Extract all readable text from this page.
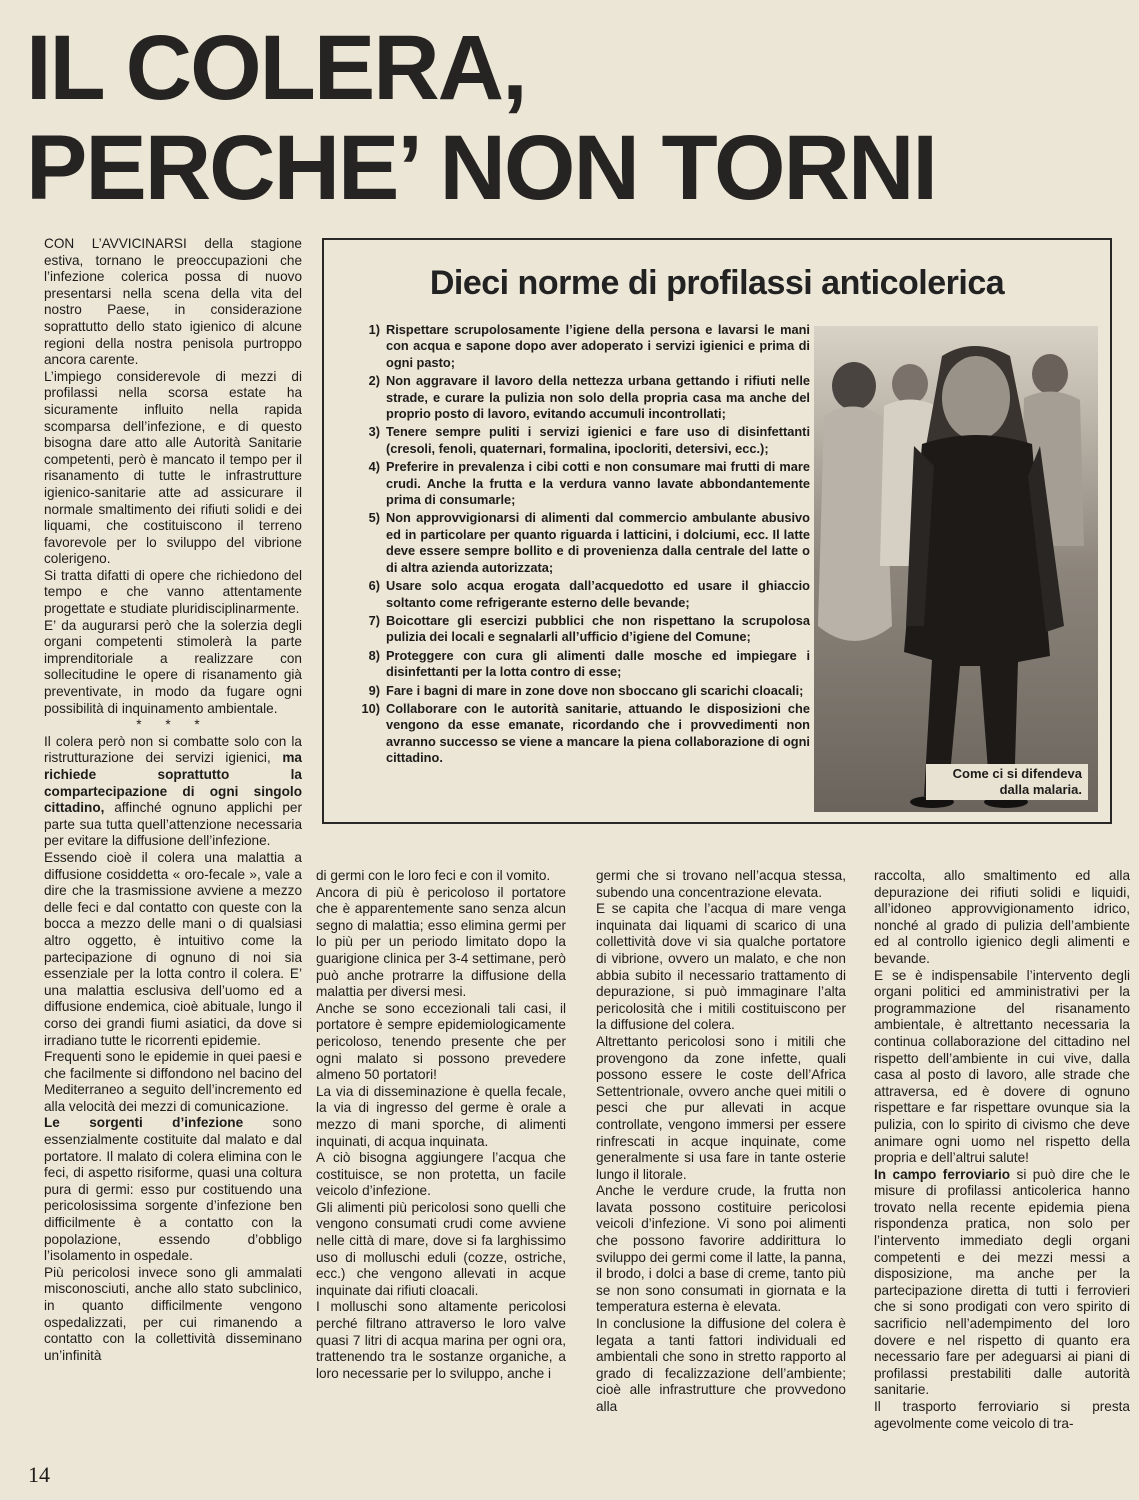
IL COLERA,
PERCHE’ NON TORNI

CON L’AVVICINARSI della stagione estiva, tornano le preoccupazioni che l’infezione colerica possa di nuovo presentarsi nella scena della vita del nostro Paese, in considerazione soprattutto dello stato igienico di alcune regioni della nostra penisola purtroppo ancora carente.

L’impiego considerevole di mezzi di profilassi nella scorsa estate ha sicuramente influito nella rapida scomparsa dell’infezione, e di questo bisogna dare atto alle Autorità Sanitarie competenti, però è mancato il tempo per il risanamento di tutte le infrastrutture igienico-sanitarie atte ad assicurare il normale smaltimento dei rifiuti solidi e dei liquami, che costituiscono il terreno favorevole per lo sviluppo del vibrione colerigeno.

Si tratta difatti di opere che richiedono del tempo e che vanno attentamente progettate e studiate pluridisciplinarmente.

E’ da augurarsi però che la solerzia degli organi competenti stimolerà la parte imprenditoriale a realizzare con sollecitudine le opere di risanamento già preventivate, in modo da fugare ogni possibilità di inquinamento ambientale.

* * *

Il colera però non si combatte solo con la ristrutturazione dei servizi igienici, ma richiede soprattutto la compartecipazione di ogni singolo cittadino, affinché ognuno applichi per parte sua tutta quell’attenzione necessaria per evitare la diffusione dell’infezione.

Essendo cioè il colera una malattia a diffusione cosiddetta « oro-fecale », vale a dire che la trasmissione avviene a mezzo delle feci e dal contatto con queste con la bocca a mezzo delle mani o di qualsiasi altro oggetto, è intuitivo come la partecipazione di ognuno di noi sia essenziale per la lotta contro il colera. E’ una malattia esclusiva dell’uomo ed a diffusione endemica, cioè abituale, lungo il corso dei grandi fiumi asiatici, da dove si irradiano tutte le ricorrenti epidemie.

Frequenti sono le epidemie in quei paesi e che facilmente si diffondono nel bacino del Mediterraneo a seguito dell’incremento ed alla velocità dei mezzi di comunicazione.

Le sorgenti d’infezione sono essenzialmente costituite dal malato e dal portatore. Il malato di colera elimina con le feci, di aspetto risiforme, quasi una coltura pura di germi: esso pur costituendo una pericolosissima sorgente d’infezione ben difficilmente è a contatto con la popolazione, essendo d’obbligo l’isolamento in ospedale.

Più pericolosi invece sono gli ammalati misconosciuti, anche allo stato subclinico, in quanto difficilmente vengono ospedalizzati, per cui rimanendo a contatto con la collettività disseminano un’infinità

Dieci norme di profilassi anticolerica
1) Rispettare scrupolosamente l’igiene della persona e lavarsi le mani con acqua e sapone dopo aver adoperato i servizi igienici e prima di ogni pasto;
2) Non aggravare il lavoro della nettezza urbana gettando i rifiuti nelle strade, e curare la pulizia non solo della propria casa ma anche del proprio posto di lavoro, evitando accumuli incontrollati;
3) Tenere sempre puliti i servizi igienici e fare uso di disinfettanti (cresoli, fenoli, quaternari, formalina, ipocloriti, detersivi, ecc.);
4) Preferire in prevalenza i cibi cotti e non consumare mai frutti di mare crudi. Anche la frutta e la verdura vanno lavate abbondantemente prima di consumarle;
5) Non approvvigionarsi di alimenti dal commercio ambulante abusivo ed in particolare per quanto riguarda i latticini, i dolciumi, ecc. Il latte deve essere sempre bollito e di provenienza dalla centrale del latte o di altra azienda autorizzata;
6) Usare solo acqua erogata dall’acquedotto ed usare il ghiaccio soltanto come refrigerante esterno delle bevande;
7) Boicottare gli esercizi pubblici che non rispettano la scrupolosa pulizia dei locali e segnalarli all’ufficio d’igiene del Comune;
8) Proteggere con cura gli alimenti dalle mosche ed impiegare i disinfettanti per la lotta contro di esse;
9) Fare i bagni di mare in zone dove non sboccano gli scarichi cloacali;
10) Collaborare con le autorità sanitarie, attuando le disposizioni che vengono da esse emanate, ricordando che i provvedimenti non avranno successo se viene a mancare la piena collaborazione di ogni cittadino.
Come ci si difendeva dalla malaria.

di germi con le loro feci e con il vomito.

Ancora di più è pericoloso il portatore che è apparentemente sano senza alcun segno di malattia; esso elimina germi per lo più per un periodo limitato dopo la guarigione clinica per 3-4 settimane, però può anche protrarre la diffusione della malattia per diversi mesi.

Anche se sono eccezionali tali casi, il portatore è sempre epidemiologicamente pericoloso, tenendo presente che per ogni malato si possono prevedere almeno 50 portatori!

La via di disseminazione è quella fecale, la via di ingresso del germe è orale a mezzo di mani sporche, di alimenti inquinati, di acqua inquinata.

A ciò bisogna aggiungere l’acqua che costituisce, se non protetta, un facile veicolo d’infezione.

Gli alimenti più pericolosi sono quelli che vengono consumati crudi come avviene nelle città di mare, dove si fa larghissimo uso di molluschi eduli (cozze, ostriche, ecc.) che vengono allevati in acque inquinate dai rifiuti cloacali.

I molluschi sono altamente pericolosi perché filtrano attraverso le loro valve quasi 7 litri di acqua marina per ogni ora, trattenendo tra le sostanze organiche, a loro necessarie per lo sviluppo, anche i

germi che si trovano nell’acqua stessa, subendo una concentrazione elevata.

E se capita che l’acqua di mare venga inquinata dai liquami di scarico di una collettività dove vi sia qualche portatore di vibrione, ovvero un malato, e che non abbia subito il necessario trattamento di depurazione, si può immaginare l’alta pericolosità che i mitili costituiscono per la diffusione del colera.

Altrettanto pericolosi sono i mitili che provengono da zone infette, quali possono essere le coste dell’Africa Settentrionale, ovvero anche quei mitili o pesci che pur allevati in acque controllate, vengono immersi per essere rinfrescati in acque inquinate, come generalmente si usa fare in tante osterie lungo il litorale.

Anche le verdure crude, la frutta non lavata possono costituire pericolosi veicoli d’infezione. Vi sono poi alimenti che possono favorire addirittura lo sviluppo dei germi come il latte, la panna, il brodo, i dolci a base di creme, tanto più se non sono consumati in giornata e la temperatura esterna è elevata.

In conclusione la diffusione del colera è legata a tanti fattori individuali ed ambientali che sono in stretto rapporto al grado di fecalizzazione dell’ambiente; cioè alle infrastrutture che provvedono alla

raccolta, allo smaltimento ed alla depurazione dei rifiuti solidi e liquidi, all’idoneo approvvigionamento idrico, nonché al grado di pulizia dell’ambiente ed al controllo igienico degli alimenti e bevande.

E se è indispensabile l’intervento degli organi politici ed amministrativi per la programmazione del risanamento ambientale, è altrettanto necessaria la continua collaborazione del cittadino nel rispetto dell’ambiente in cui vive, dalla casa al posto di lavoro, alle strade che attraversa, ed è dovere di ognuno rispettare e far rispettare ovunque sia la pulizia, con lo spirito di civismo che deve animare ogni uomo nel rispetto della propria e dell’altrui salute!

In campo ferroviario si può dire che le misure di profilassi anticolerica hanno trovato nella recente epidemia piena rispondenza pratica, non solo per l’intervento immediato degli organi competenti e dei mezzi messi a disposizione, ma anche per la partecipazione diretta di tutti i ferrovieri che si sono prodigati con vero spirito di sacrificio nell’adempimento del loro dovere e nel rispetto di quanto era necessario fare per adeguarsi ai piani di profilassi prestabiliti dalle autorità sanitarie.

Il trasporto ferroviario si presta agevolmente come veicolo di tra-

14
